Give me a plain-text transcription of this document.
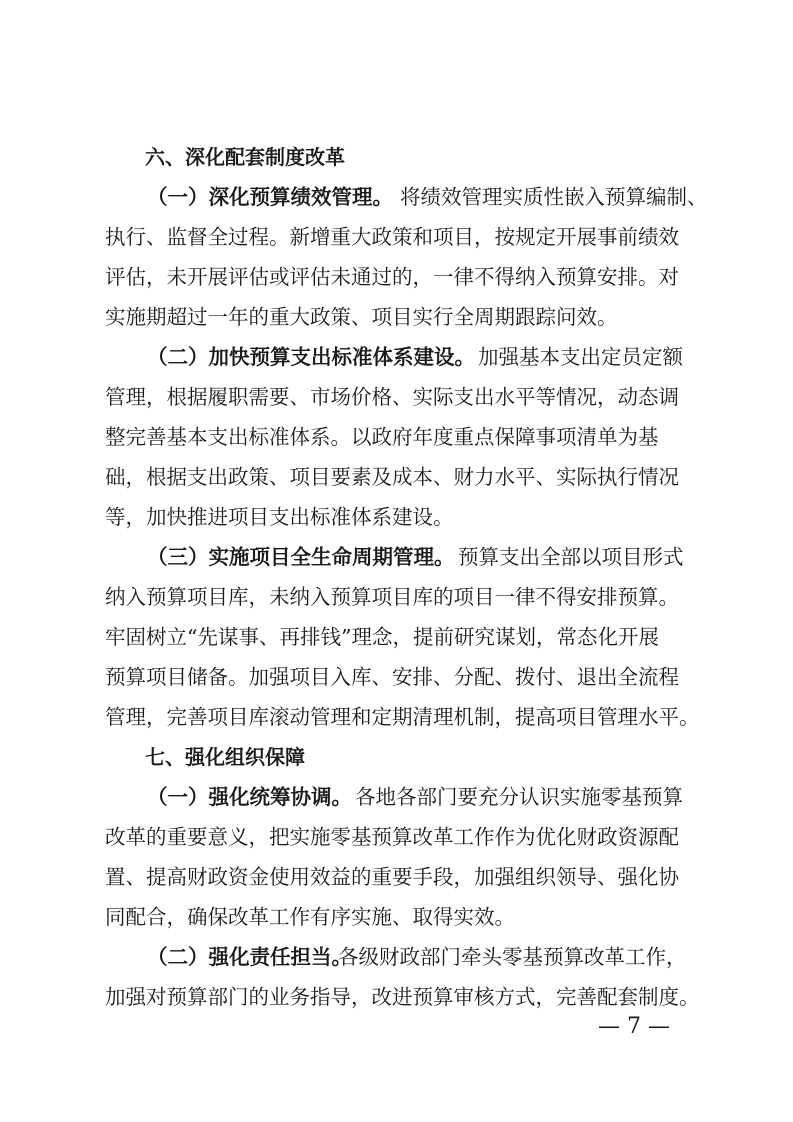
六、深化配套制度改革
（一）深化预算绩效管理。 将绩效管理实质性嵌入预算编制、
执行、监督全过程。新增重大政策和项目，按规定开展事前绩效
评估，未开展评估或评估未通过的，一律不得纳入预算安排。对
实施期超过一年的重大政策、项目实行全周期跟踪问效。
（二）加快预算支出标准体系建设。 加强基本支出定员定额
管理，根据履职需要、市场价格、实际支出水平等情况，动态调
整完善基本支出标准体系。以政府年度重点保障事项清单为基
础，根据支出政策、项目要素及成本、财力水平、实际执行情况
等，加快推进项目支出标准体系建设。
（三）实施项目全生命周期管理。 预算支出全部以项目形式
纳入预算项目库，未纳入预算项目库的项目一律不得安排预算。
牢固树立“先谋事、再排钱”理念，提前研究谋划，常态化开展
预算项目储备。加强项目入库、安排、分配、拨付、退出全流程
管理，完善项目库滚动管理和定期清理机制，提高项目管理水平。
七、强化组织保障
（一）强化统筹协调。 各地各部门要充分认识实施零基预算
改革的重要意义，把实施零基预算改革工作作为优化财政资源配
置、提高财政资金使用效益的重要手段，加强组织领导、强化协
同配合，确保改革工作有序实施、取得实效。
（二）强化责任担当。
各级财政部门牵头零基预算改革工作，
加强对预算部门的业务指导，改进预算审核方式，完善配套制度。
— 7 —
